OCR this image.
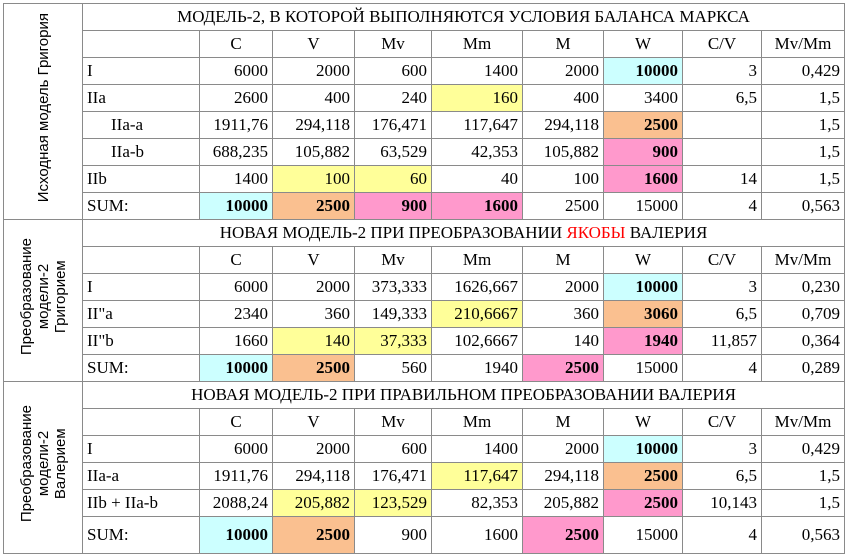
Исходная модель Григория	МОДЕЛЬ-2, В КОТОРОЙ ВЫПОЛНЯЮТСЯ УСЛОВИЯ БАЛАНСА МАРКСА								
		C	V	Mv	Mm	M	W	C/V	Mv/Mm
	I	6000	2000	600	1400	2000	10000	3	0,429
	IIa	2600	400	240	160	400	3400	6,5	1,5
	IIa-a	1911,76	294,118	176,471	117,647	294,118	2500		1,5
	IIa-b	688,235	105,882	63,529	42,353	105,882	900		1,5
	IIb	1400	100	60	40	100	1600	14	1,5
	SUM:	10000	2500	900	1600	2500	15000	4	0,563
Преобразование
модели-2
Григорием	НОВАЯ МОДЕЛЬ-2 ПРИ ПРЕОБРАЗОВАНИИ ЯКОБЫ ВАЛЕРИЯ								
		C	V	Mv	Mm	M	W	C/V	Mv/Mm
	I	6000	2000	373,333	1626,667	2000	10000	3	0,230
	II"a	2340	360	149,333	210,6667	360	3060	6,5	0,709
	II"b	1660	140	37,333	102,6667	140	1940	11,857	0,364
	SUM:	10000	2500	560	1940	2500	15000	4	0,289
Преобразование
модели-2
Валерием	НОВАЯ МОДЕЛЬ-2 ПРИ ПРАВИЛЬНОМ ПРЕОБРАЗОВАНИИ ВАЛЕРИЯ								
		C	V	Mv	Mm	M	W	C/V	Mv/Mm
	I	6000	2000	600	1400	2000	10000	3	0,429
	IIa-a	1911,76	294,118	176,471	117,647	294,118	2500	6,5	1,5
	IIb + IIa-b	2088,24	205,882	123,529	82,353	205,882	2500	10,143	1,5
	SUM:	10000	2500	900	1600	2500	15000	4	0,563
